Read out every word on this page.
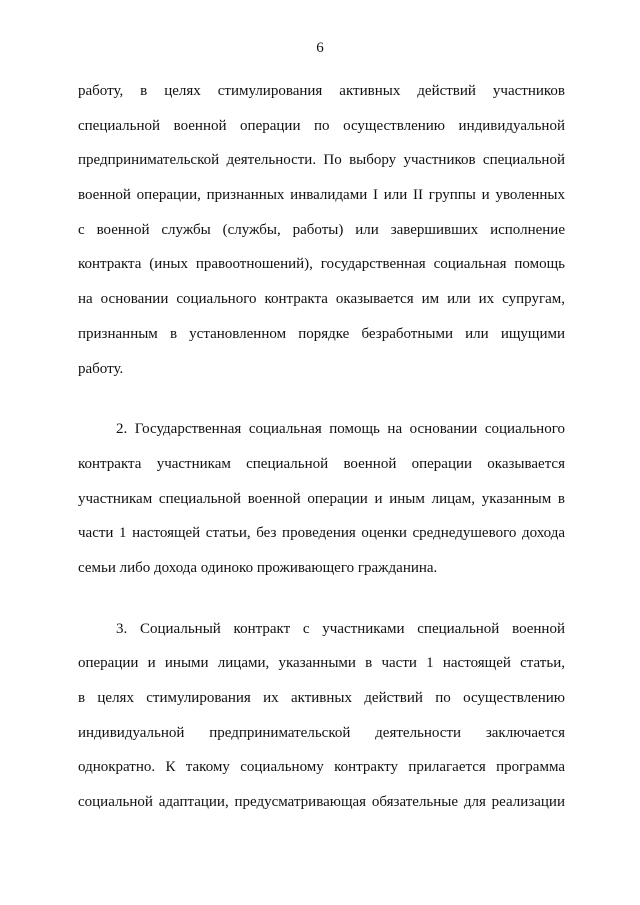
6
работу, в целях стимулирования активных действий участников
специальной военной операции по осуществлению индивидуальной
предпринимательской деятельности. По выбору участников специальной
военной операции, признанных инвалидами I или II группы и уволенных
с военной службы (службы, работы) или завершивших исполнение
контракта (иных правоотношений), государственная социальная помощь
на основании социального контракта оказывается им или их супругам,
признанным в установленном порядке безработными или ищущими
работу.
2. Государственная социальная помощь на основании социального
контракта участникам специальной военной операции оказывается
участникам специальной военной операции и иным лицам, указанным в
части 1 настоящей статьи, без проведения оценки среднедушевого дохода
семьи либо дохода одиноко проживающего гражданина.
3. Социальный контракт с участниками специальной военной
операции и иными лицами, указанными в части 1 настоящей статьи,
в целях стимулирования их активных действий по осуществлению
индивидуальной предпринимательской деятельности заключается
однократно. К такому социальному контракту прилагается программа
социальной адаптации, предусматривающая обязательные для реализации
